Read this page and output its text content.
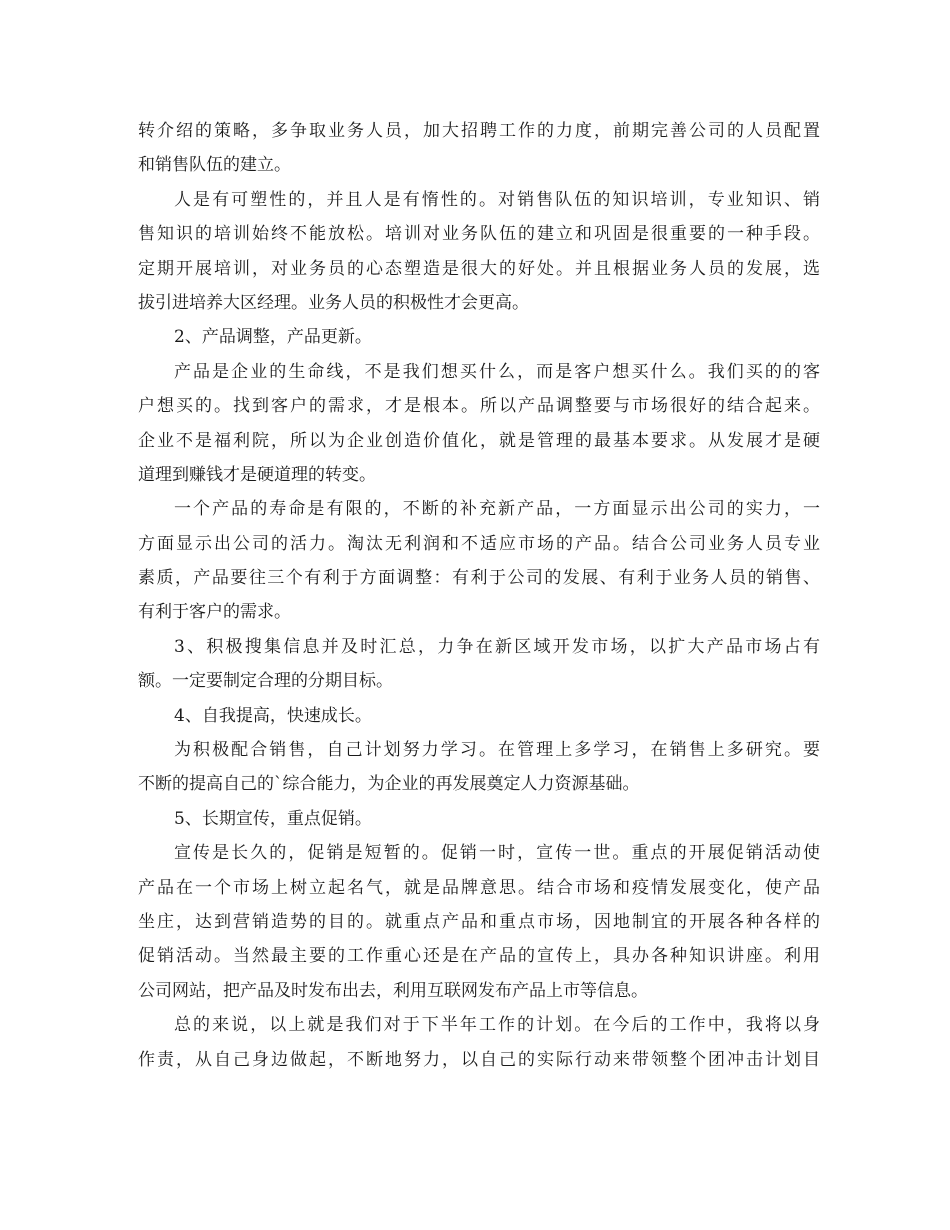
转介绍的策略，多争取业务人员，加大招聘工作的力度，前期完善公司的人员配置
和销售队伍的建立。
人是有可塑性的，并且人是有惰性的。对销售队伍的知识培训，专业知识、销
售知识的培训始终不能放松。培训对业务队伍的建立和巩固是很重要的一种手段。
定期开展培训，对业务员的心态塑造是很大的好处。并且根据业务人员的发展，选
拔引进培养大区经理。业务人员的积极性才会更高。
2、产品调整，产品更新。
产品是企业的生命线，不是我们想买什么，而是客户想买什么。我们买的的客
户想买的。找到客户的需求，才是根本。所以产品调整要与市场很好的结合起来。
企业不是福利院，所以为企业创造价值化，就是管理的最基本要求。从发展才是硬
道理到赚钱才是硬道理的转变。
一个产品的寿命是有限的，不断的补充新产品，一方面显示出公司的实力，一
方面显示出公司的活力。淘汰无利润和不适应市场的产品。结合公司业务人员专业
素质，产品要往三个有利于方面调整：有利于公司的发展、有利于业务人员的销售、
有利于客户的需求。
3、积极搜集信息并及时汇总，力争在新区域开发市场，以扩大产品市场占有
额。一定要制定合理的分期目标。
4、自我提高，快速成长。
为积极配合销售，自己计划努力学习。在管理上多学习，在销售上多研究。要
不断的提高自己的`综合能力，为企业的再发展奠定人力资源基础。
5、长期宣传，重点促销。
宣传是长久的，促销是短暂的。促销一时，宣传一世。重点的开展促销活动使
产品在一个市场上树立起名气，就是品牌意思。结合市场和疫情发展变化，使产品
坐庄，达到营销造势的目的。就重点产品和重点市场，因地制宜的开展各种各样的
促销活动。当然最主要的工作重心还是在产品的宣传上，具办各种知识讲座。利用
公司网站，把产品及时发布出去，利用互联网发布产品上市等信息。
总的来说，以上就是我们对于下半年工作的计划。在今后的工作中，我将以身
作责，从自己身边做起，不断地努力，以自己的实际行动来带领整个团冲击计划目
